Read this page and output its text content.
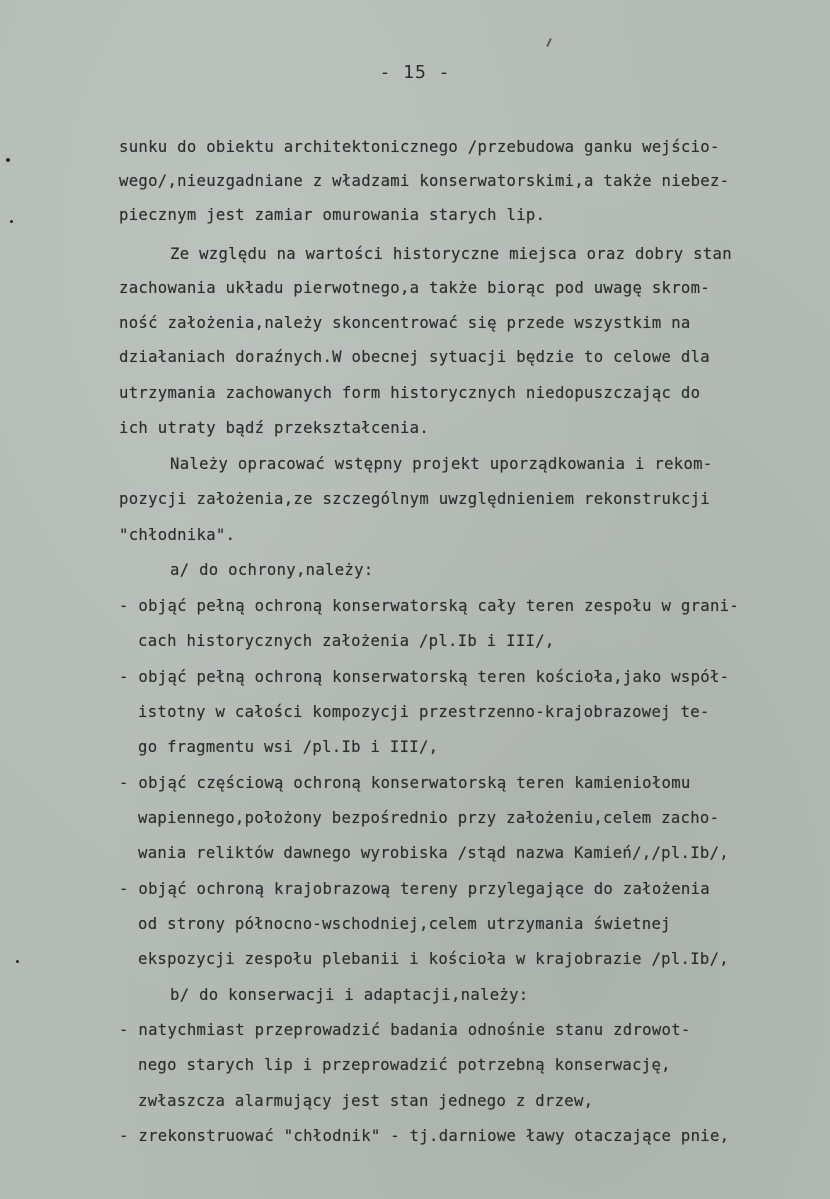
- 15 -
sunku do obiektu architektonicznego /przebudowa ganku wejścio-
wego/,nieuzgadniane z władzami konserwatorskimi,a także niebez-
piecznym jest zamiar omurowania starych lip.
Ze względu na wartości historyczne miejsca oraz dobry stan
zachowania układu pierwotnego,a także biorąc pod uwagę skrom-
ność założenia,należy skoncentrować się przede wszystkim na
działaniach doraźnych.W obecnej sytuacji będzie to celowe dla
utrzymania zachowanych form historycznych niedopuszczając do
ich utraty bądź przekształcenia.
Należy opracować wstępny projekt uporządkowania i rekom-
pozycji założenia,ze szczególnym uwzględnieniem rekonstrukcji
"chłodnika".
a/ do ochrony,należy:
- objąć pełną ochroną konserwatorską cały teren zespołu w grani-
cach historycznych założenia /pl.Ib i III/,
- objąć pełną ochroną konserwatorską teren kościoła,jako współ-
istotny w całości kompozycji przestrzenno-krajobrazowej te-
go fragmentu wsi /pl.Ib i III/,
- objąć częściową ochroną konserwatorską teren kamieniołomu
wapiennego,położony bezpośrednio przy założeniu,celem zacho-
wania reliktów dawnego wyrobiska /stąd nazwa Kamień/,/pl.Ib/,
- objąć ochroną krajobrazową tereny przylegające do założenia
od strony północno-wschodniej,celem utrzymania świetnej
ekspozycji zespołu plebanii i kościoła w krajobrazie /pl.Ib/,
b/ do konserwacji i adaptacji,należy:
- natychmiast przeprowadzić badania odnośnie stanu zdrowot-
nego starych lip i przeprowadzić potrzebną konserwację,
zwłaszcza alarmujący jest stan jednego z drzew,
- zrekonstruować "chłodnik" - tj.darniowe ławy otaczające pnie,
